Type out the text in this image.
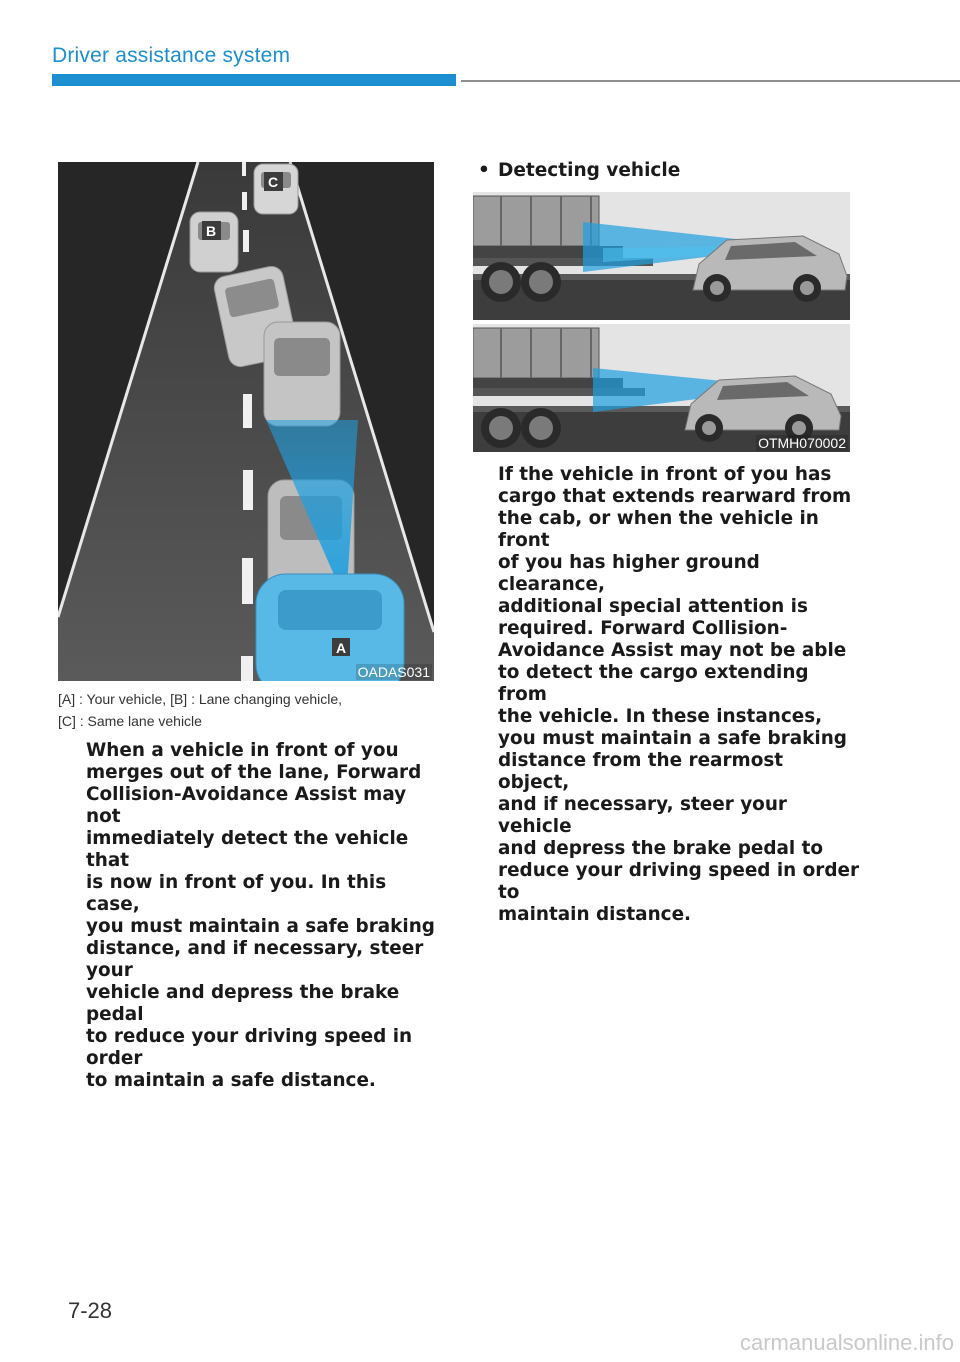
Driver assistance system
C
B
A
OADAS031
[A] : Your vehicle, [B] : Lane changing vehicle,
[C] : Same lane vehicle
When a vehicle in front of you
merges out of the lane, Forward
Collision-Avoidance Assist may not
immediately detect the vehicle that
is now in front of you. In this case,
you must maintain a safe braking
distance, and if necessary, steer your
vehicle and depress the brake pedal
to reduce your driving speed in order
to maintain a safe distance.
• Detecting vehicle
OTMH070002
If the vehicle in front of you has
cargo that extends rearward from
the cab, or when the vehicle in front
of you has higher ground clearance,
additional special attention is
required. Forward Collision-
Avoidance Assist may not be able
to detect the cargo extending from
the vehicle. In these instances,
you must maintain a safe braking
distance from the rearmost object,
and if necessary, steer your vehicle
and depress the brake pedal to
reduce your driving speed in order to
maintain distance.
7-28
carmanualsonline.info
